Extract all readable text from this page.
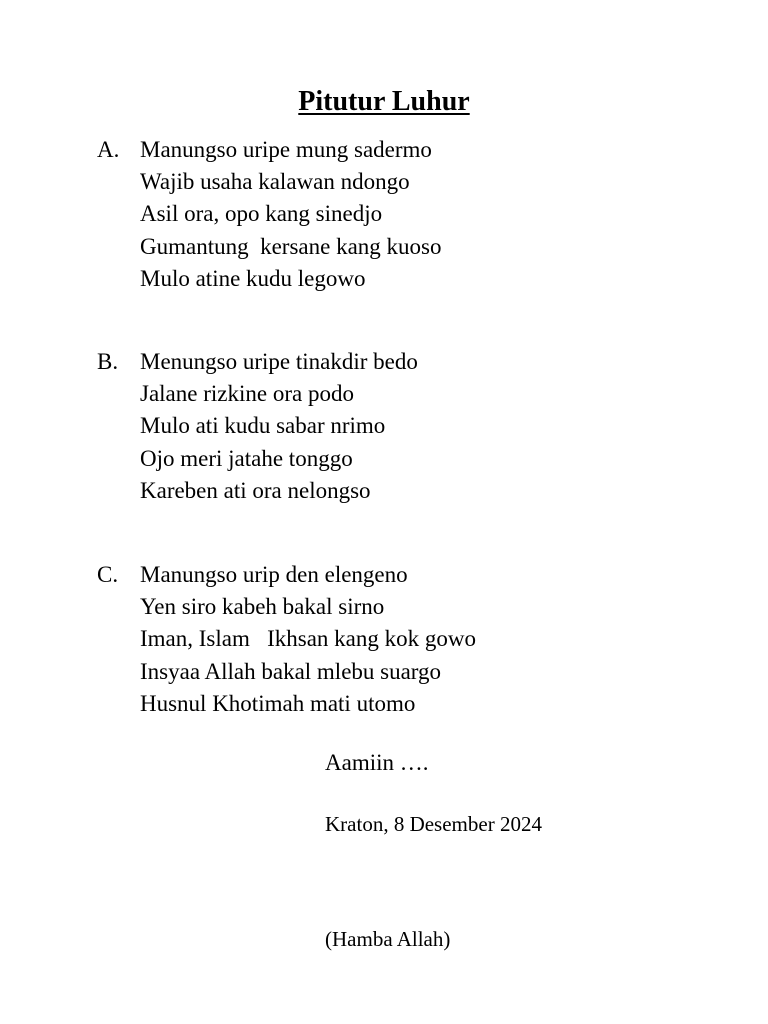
Pitutur Luhur
A. Manungso uripe mung sadermo
Wajib usaha kalawan ndongo
Asil ora, opo kang sinedjo
Gumantung  kersane kang kuoso
Mulo atine kudu legowo
B. Menungso uripe tinakdir bedo
Jalane rizkine ora podo
Mulo ati kudu sabar nrimo
Ojo meri jatahe tonggo
Kareben ati ora nelongso
C. Manungso urip den elengeno
Yen siro kabeh bakal sirno
Iman, Islam   Ikhsan kang kok gowo
Insyaa Allah bakal mlebu suargo
Husnul Khotimah mati utomo
Aamiin ….
Kraton, 8 Desember 2024
(Hamba Allah)
